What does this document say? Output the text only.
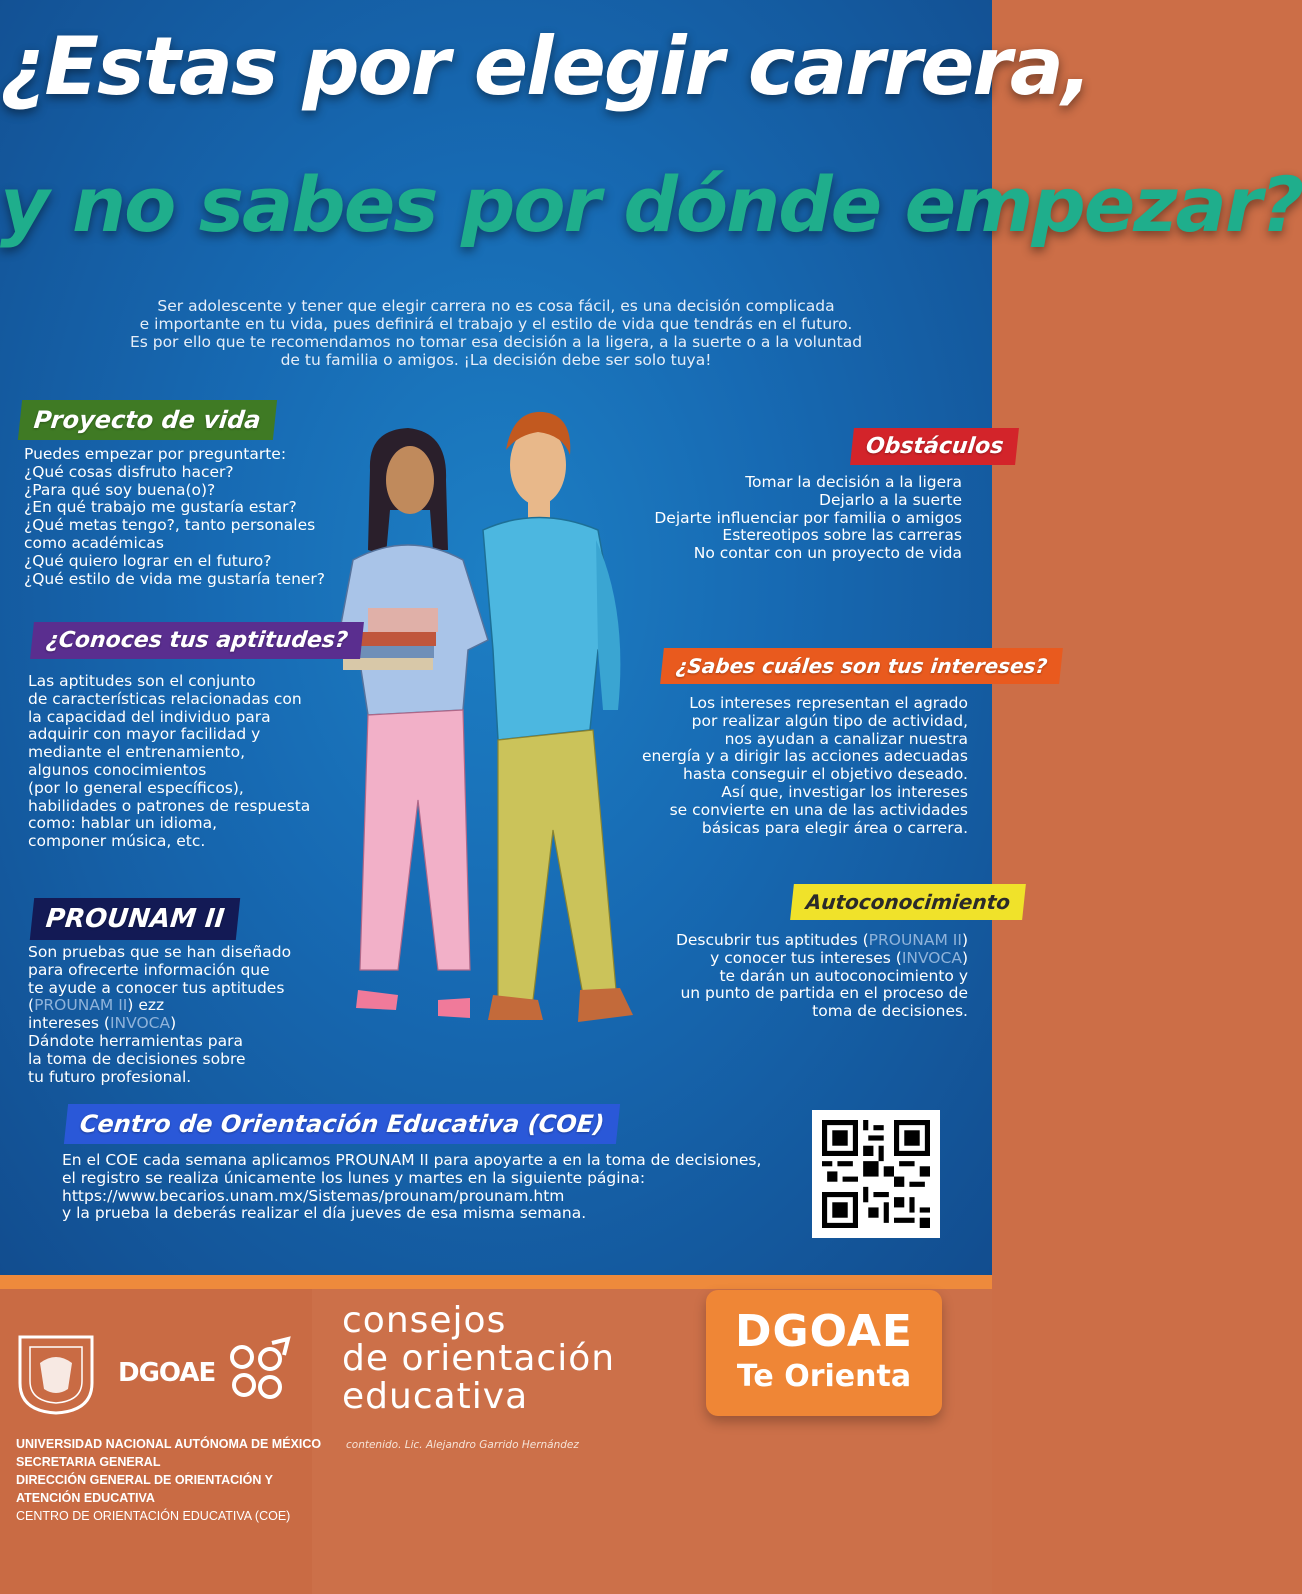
¿Estas por elegir carrera,
y no sabes por dónde empezar?
Ser adolescente y tener que elegir carrera no es cosa fácil, es una decisión complicada
e importante en tu vida, pues definirá el trabajo y el estilo de vida que tendrás en el futuro.
Es por ello que te recomendamos no tomar esa decisión a la ligera, a la suerte o a la voluntad
de tu familia o amigos. ¡La decisión debe ser solo tuya!
Proyecto de vida
Puedes empezar por preguntarte:
¿Qué cosas disfruto hacer?
¿Para qué soy buena(o)?
¿En qué trabajo me gustaría estar?
¿Qué metas tengo?, tanto personales
como académicas
¿Qué quiero lograr en el futuro?
¿Qué estilo de vida me gustaría tener?
Obstáculos
Tomar la decisión a la ligera
Dejarlo a la suerte
Dejarte influenciar por familia o amigos
Estereotipos sobre las carreras
No contar con un proyecto de vida
¿Conoces tus aptitudes?
Las aptitudes son el conjunto
de características relacionadas con
la capacidad del individuo para
adquirir con mayor facilidad y
mediante el entrenamiento,
algunos conocimientos
(por lo general específicos),
habilidades o patrones de respuesta
como: hablar un idioma,
componer música, etc.
¿Sabes cuáles son tus intereses?
Los intereses representan el agrado
por realizar algún tipo de actividad,
nos ayudan a canalizar nuestra
energía y a dirigir las acciones adecuadas
hasta conseguir el objetivo deseado.
Así que, investigar los intereses
se convierte en una de las actividades
básicas para elegir área o carrera.
PROUNAM II
Son pruebas que se han diseñado
para ofrecerte información que
te ayude a conocer tus aptitudes
(PROUNAM II) ezz
intereses (INVOCA)
Dándote herramientas para
la toma de decisiones sobre
tu futuro profesional.
Autoconocimiento
Descubrir tus aptitudes (PROUNAM II)
y conocer tus intereses (INVOCA)
te darán un autoconocimiento y
un punto de partida en el proceso de
toma de decisiones.
Centro de Orientación Educativa (COE)
En el COE cada semana aplicamos PROUNAM II para apoyarte a en la toma de decisiones,
el registro se realiza únicamente los lunes y martes en la siguiente página:
https://www.becarios.unam.mx/Sistemas/prounam/prounam.htm
y la prueba la deberás realizar el día jueves de esa misma semana.
DGOAE
UNIVERSIDAD NACIONAL AUTÓNOMA DE MÉXICO
SECRETARIA GENERAL
DIRECCIÓN GENERAL DE ORIENTACIÓN Y
ATENCIÓN EDUCATIVA
CENTRO DE ORIENTACIÓN EDUCATIVA (COE)
consejos
de orientación
educativa
contenido. Lic. Alejandro Garrido Hernández
DGOAE
Te Orienta
